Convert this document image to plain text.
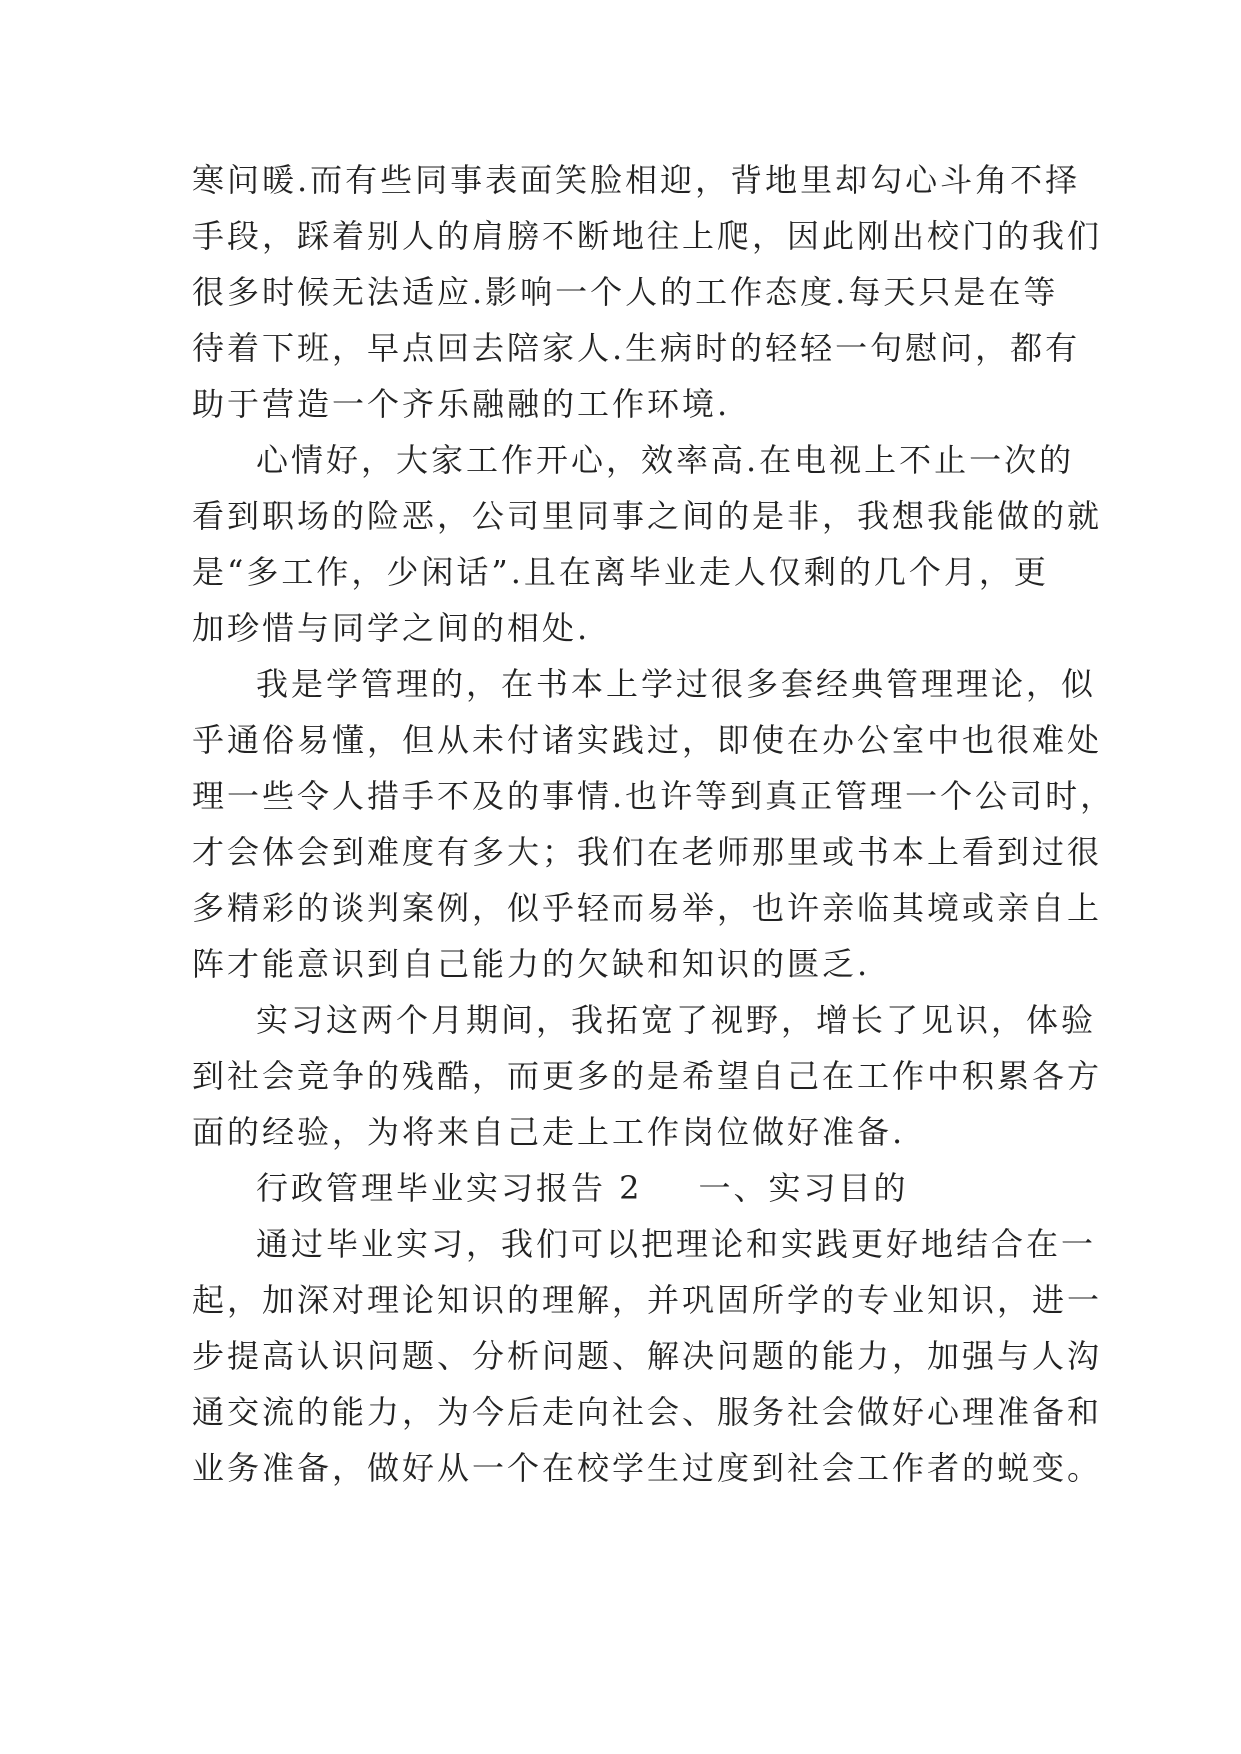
寒问暖.而有些同事表面笑脸相迎，背地里却勾心斗角不择
手段，踩着别人的肩膀不断地往上爬，因此刚出校门的我们
很多时候无法适应.影响一个人的工作态度.每天只是在等
待着下班，早点回去陪家人.生病时的轻轻一句慰问，都有
助于营造一个齐乐融融的工作环境.
心情好，大家工作开心，效率高.在电视上不止一次的
看到职场的险恶，公司里同事之间的是非，我想我能做的就
是“多工作，少闲话”.且在离毕业走人仅剩的几个月，更
加珍惜与同学之间的相处.
我是学管理的，在书本上学过很多套经典管理理论，似
乎通俗易懂，但从未付诸实践过，即使在办公室中也很难处
理一些令人措手不及的事情.也许等到真正管理一个公司时，
才会体会到难度有多大；我们在老师那里或书本上看到过很
多精彩的谈判案例，似乎轻而易举，也许亲临其境或亲自上
阵才能意识到自己能力的欠缺和知识的匮乏.
实习这两个月期间，我拓宽了视野，增长了见识，体验
到社会竞争的残酷，而更多的是希望自己在工作中积累各方
面的经验，为将来自己走上工作岗位做好准备.
行政管理毕业实习报告 2 一、实习目的
通过毕业实习，我们可以把理论和实践更好地结合在一
起，加深对理论知识的理解，并巩固所学的专业知识，进一
步提高认识问题、分析问题、解决问题的能力，加强与人沟
通交流的能力，为今后走向社会、服务社会做好心理准备和
业务准备，做好从一个在校学生过度到社会工作者的蜕变。
